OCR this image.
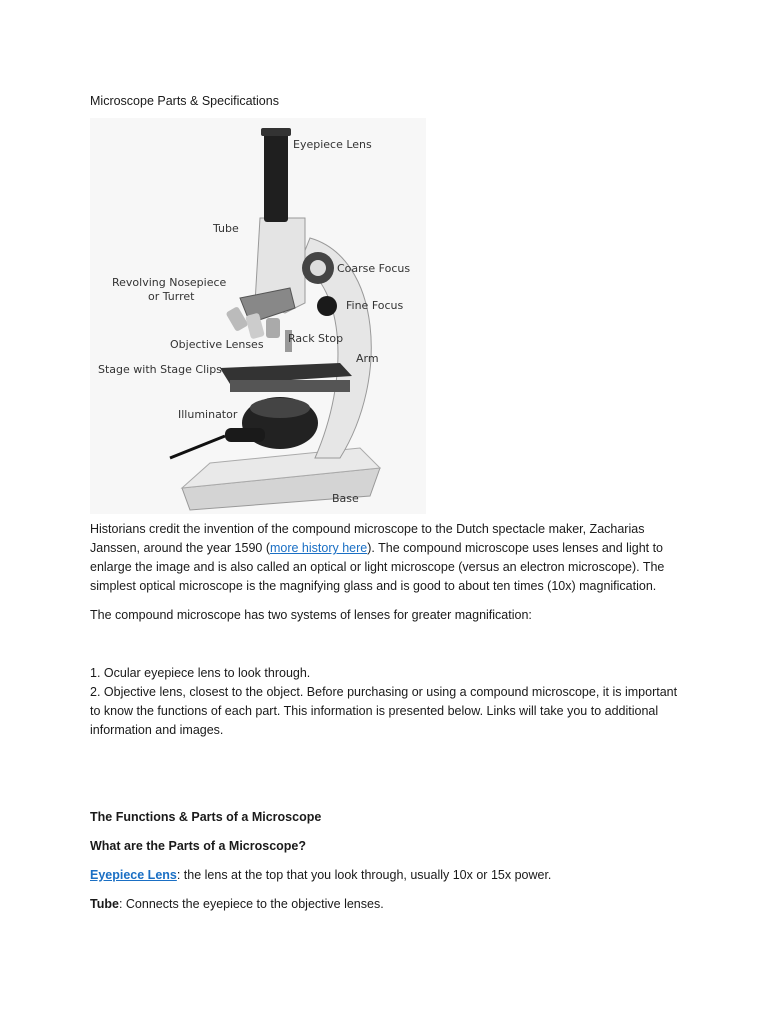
Microscope Parts & Specifications
Eyepiece Lens
Tube
Coarse Focus
Fine Focus
Revolving Nosepiece
or Turret
Objective Lenses Rack Stop
Arm
Stage with Stage Clips
Illuminator
Base

Historians credit the invention of the compound microscope to the Dutch spectacle maker, Zacharias Janssen, around the year 1590 (more history here). The compound microscope uses lenses and light to enlarge the image and is also called an optical or light microscope (versus an electron microscope). The simplest optical microscope is the magnifying glass and is good to about ten times (10x) magnification.

The compound microscope has two systems of lenses for greater magnification:

1. Ocular eyepiece lens to look through.

2. Objective lens, closest to the object. Before purchasing or using a compound microscope, it is important to know the functions of each part. This information is presented below. Links will take you to additional information and images.

The Functions & Parts of a Microscope

What are the Parts of a Microscope?

Eyepiece Lens: the lens at the top that you look through, usually 10x or 15x power.

Tube: Connects the eyepiece to the objective lenses.
